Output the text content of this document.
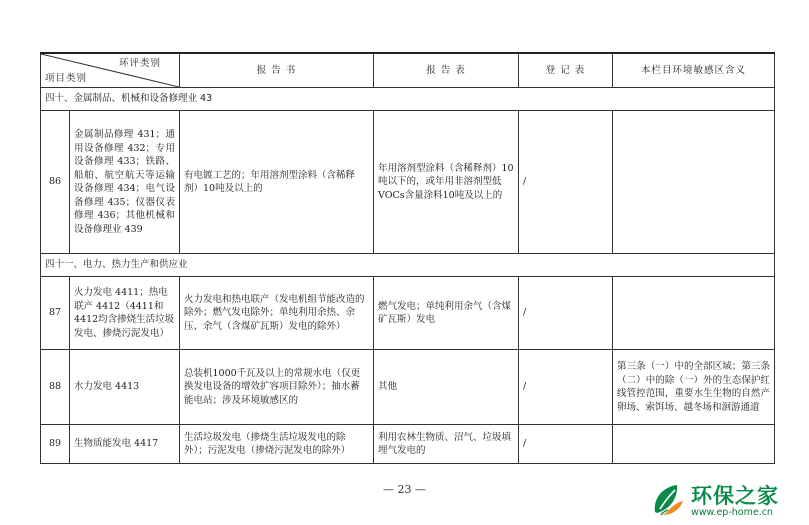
环评类别
项目类别		报 告 书	报 告 表	登 记 表	本栏目环境敏感区含义
四十、金属制品、机械和设备修理业 43					
86	金属制品修理 431；通用设备修理 432；专用设备修理 433；铁路、船舶、航空航天等运输设备修理 434；电气设备修理 435；仪器仪表修理 436；其他机械和设备修理业 439	有电镀工艺的；年用溶剂型涂料（含稀释剂）10吨及以上的	年用溶剂型涂料（含稀释剂）10吨以下的，或年用非溶剂型低VOCs含量涂料10吨及以上的	/	
四十一、电力、热力生产和供应业					
87	火力发电 4411；热电联产 4412（4411和4412均含掺烧生活垃圾发电、掺烧污泥发电）	火力发电和热电联产（发电机组节能改造的除外；燃气发电除外；单纯利用余热、余压、余气（含煤矿瓦斯）发电的除外）	燃气发电；单纯利用余气（含煤矿瓦斯）发电	/	
88	水力发电 4413	总装机1000千瓦及以上的常规水电（仅更换发电设备的增效扩容项目除外）；抽水蓄能电站；涉及环境敏感区的	其他	/	第三条（一）中的全部区域；第三条（二）中的除（一）外的生态保护红线管控范围，重要水生生物的自然产卵场、索饵场、越冬场和洄游通道
89	生物质能发电 4417	生活垃圾发电（掺烧生活垃圾发电的除外）；污泥发电（掺烧污泥发电的除外）	利用农林生物质、沼气、垃圾填埋气发电的	/	
— 23 —	环保之家
www.ep-home.cn
